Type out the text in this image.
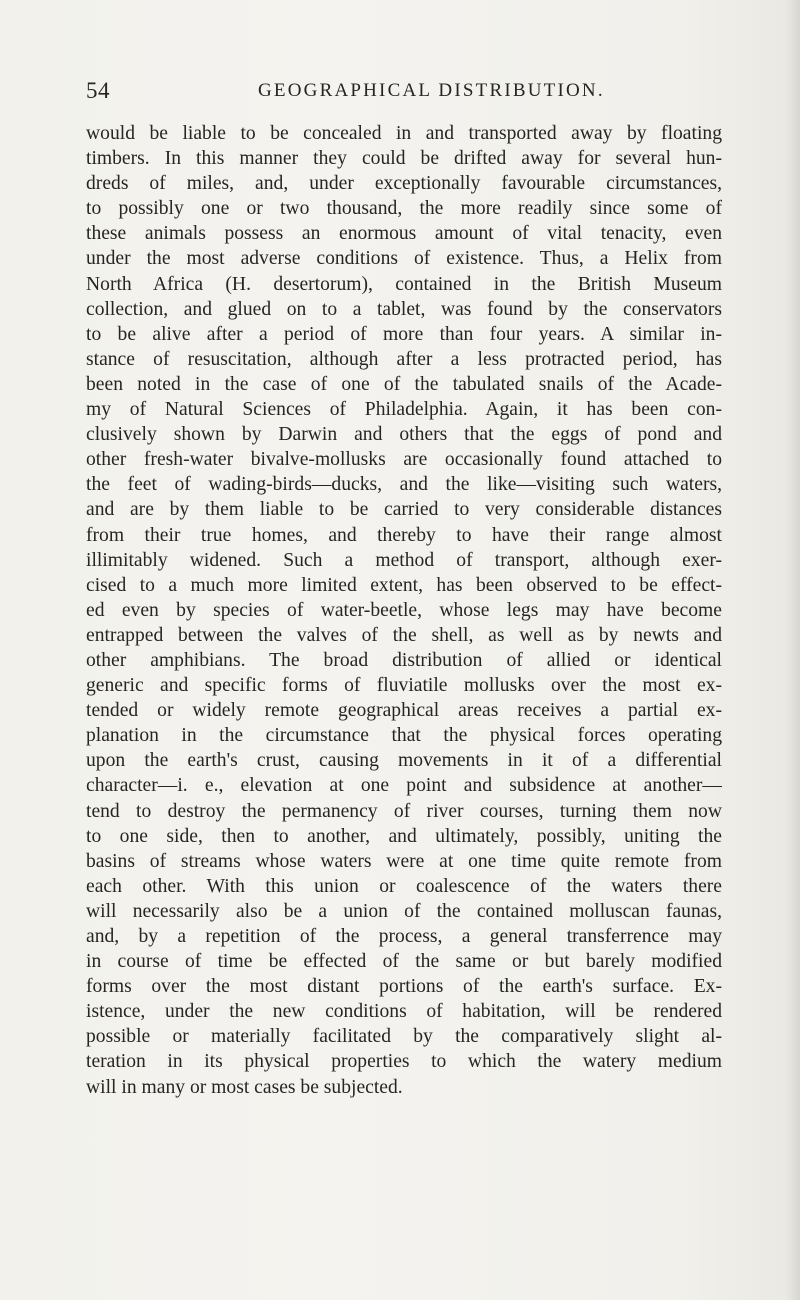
54	GEOGRAPHICAL DISTRIBUTION.
would be liable to be concealed in and transported away by floating
timbers. In this manner they could be drifted away for several hun-
dreds of miles, and, under exceptionally favourable circumstances,
to possibly one or two thousand, the more readily since some of
these animals possess an enormous amount of vital tenacity, even
under the most adverse conditions of existence. Thus, a Helix from
North Africa (H. desertorum), contained in the British Museum
collection, and glued on to a tablet, was found by the conservators
to be alive after a period of more than four years. A similar in-
stance of resuscitation, although after a less protracted period, has
been noted in the case of one of the tabulated snails of the Acade-
my of Natural Sciences of Philadelphia. Again, it has been con-
clusively shown by Darwin and others that the eggs of pond and
other fresh-water bivalve-mollusks are occasionally found attached to
the feet of wading-birds—ducks, and the like—visiting such waters,
and are by them liable to be carried to very considerable distances
from their true homes, and thereby to have their range almost
illimitably widened. Such a method of transport, although exer-
cised to a much more limited extent, has been observed to be effect-
ed even by species of water-beetle, whose legs may have become
entrapped between the valves of the shell, as well as by newts and
other amphibians. The broad distribution of allied or identical
generic and specific forms of fluviatile mollusks over the most ex-
tended or widely remote geographical areas receives a partial ex-
planation in the circumstance that the physical forces operating
upon the earth's crust, causing movements in it of a differential
character—i. e., elevation at one point and subsidence at another—
tend to destroy the permanency of river courses, turning them now
to one side, then to another, and ultimately, possibly, uniting the
basins of streams whose waters were at one time quite remote from
each other. With this union or coalescence of the waters there
will necessarily also be a union of the contained molluscan faunas,
and, by a repetition of the process, a general transferrence may
in course of time be effected of the same or but barely modified
forms over the most distant portions of the earth's surface. Ex-
istence, under the new conditions of habitation, will be rendered
possible or materially facilitated by the comparatively slight al-
teration in its physical properties to which the watery medium
will in many or most cases be subjected.
